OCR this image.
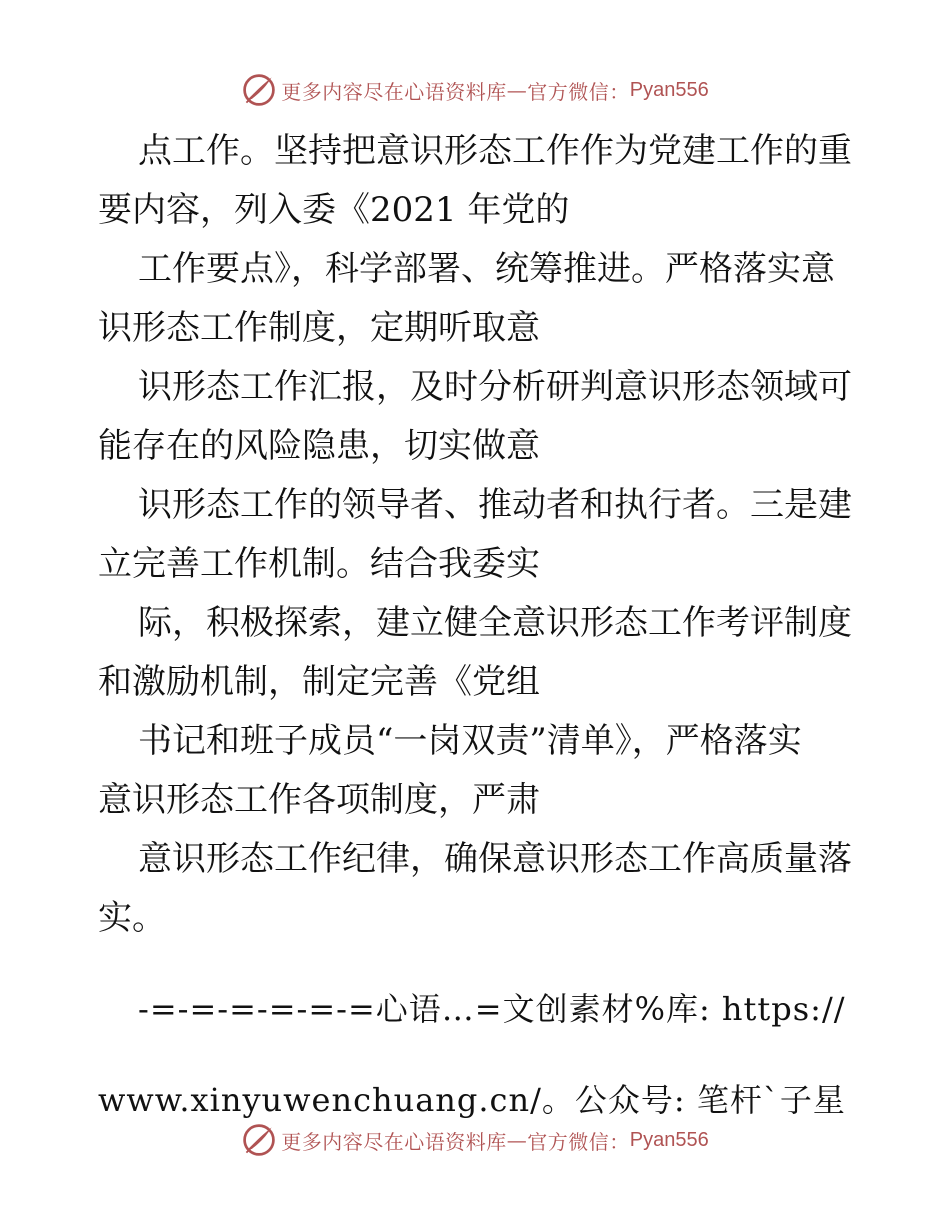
更多内容尽在心语资料库 — 官方微信： Pyan556

点工作。坚持把意识形态工作作为党建工作的重

要内容，列入委《2021 年党的

工作要点》，科学部署、统筹推进。严格落实意

识形态工作制度，定期听取意

识形态工作汇报，及时分析研判意识形态领域可

能存在的风险隐患，切实做意

识形态工作的领导者、推动者和执行者。三是建

立完善工作机制。结合我委实

际，积极探索，建立健全意识形态工作考评制度

和激励机制，制定完善《党组

书记和班子成员“一岗双责”清单》，严格落实

意识形态工作各项制度，严肃

意识形态工作纪律，确保意识形态工作高质量落

实。

-=-=-=-=-=-=心语…=文创素材%库: https://

www.xinyuwenchuang.cn/。公众号: 笔杆`子星

更多内容尽在心语资料库 — 官方微信： Pyan556
